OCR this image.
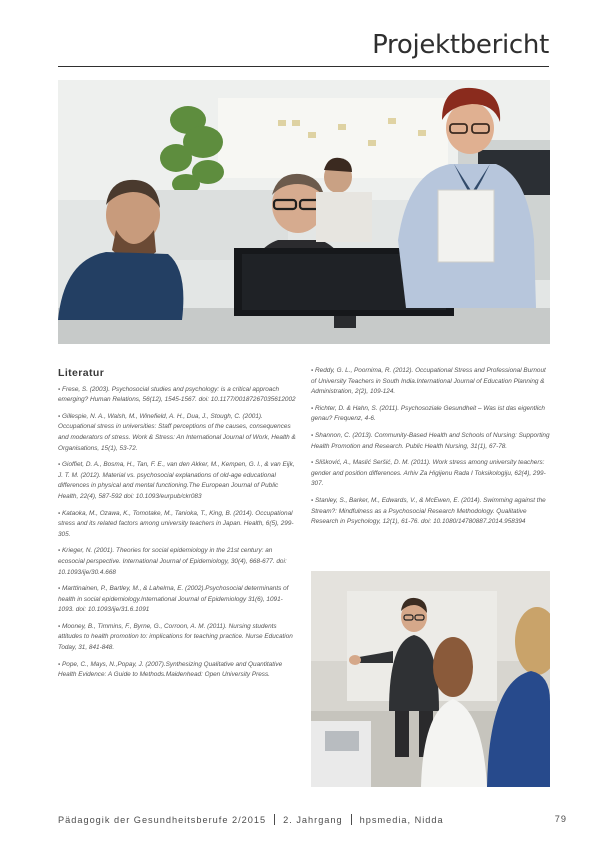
Projektbericht
Literatur

▪ Frese, S. (2003). Psychosocial studies and psychology: is a critical approach emerging? Human Relations, 56(12), 1545-1567. doi: 10.1177/00187267035612002

▪ Gillespie, N. A., Walsh, M., Winefield, A. H., Dua, J., Stough, C. (2001). Occupational stress in universities: Staff perceptions of the causes, consequences and moderators of stress. Work & Stress: An International Journal of Work, Health & Organisations, 15(1), 53-72.

▪ Gioffiet, D. A., Bosma, H., Tan, F. E., van den Akker, M., Kempen, G. I., & van Eijk, J. T. M. (2012). Material vs. psychosocial explanations of old-age educational differences in physical and mental functioning.The European Journal of Public Health, 22(4), 587-592 doi: 10.1093/eurpub/ckr083

▪ Kataoka, M., Ozawa, K., Tomotake, M., Tanioka, T., King, B. (2014). Occupational stress and its related factors among university teachers in Japan. Health, 6(5), 299-305.

▪ Krieger, N. (2001). Theories for social epidemiology in the 21st century: an ecosocial perspective. International Journal of Epidemiology, 30(4), 668-677. doi: 10.1093/ije/30.4.668

▪ Marttinainen, P., Bartley, M., & Lahelma, E. (2002).Psychosocial determinants of health in social epidemiology.International Journal of Epidemiology 31(6), 1091-1093. doi: 10.1093/ije/31.6.1091

▪ Mooney, B., Timmins, F., Byrne, G., Corroon, A. M. (2011). Nursing students attitudes to health promotion to: implications for teaching practice. Nurse Education Today, 31, 841-848.

▪ Pope, C., Mays, N.,Popay, J. (2007).Synthesizing Qualitative and Quantitative Health Evidence: A Guide to Methods.Maidenhead: Open University Press.

▪ Reddy, G. L., Poornima, R. (2012). Occupational Stress and Professional Burnout of University Teachers in South India.International Journal of Education Planning & Administration, 2(2), 109-124.

▪ Richter, D. & Hahn, S. (2011). Psychosoziale Gesundheit – Was ist das eigentlich genau? Frequenz, 4-6.

▪ Shannon, C. (2013). Community-Based Health and Schools of Nursing: Supporting Health Promotion and Research. Public Health Nursing, 31(1), 67-78.

▪ Slišković, A., Maslić Seršić, D. M. (2011). Work stress among university teachers: gender and position differences. Arhiv Za Higijenu Rada I Toksikologiju, 62(4), 299-307.

▪ Stanley, S., Barker, M., Edwards, V., & McEwen, E. (2014). Swimming against the Stream?: Mindfulness as a Psychosocial Research Methodology. Qualitative Research in Psychology, 12(1), 61-76. doi: 10.1080/14780887.2014.958394

Pädagogik der Gesundheitsberufe 2/2015 2. Jahrgang hpsmedia, Nidda	79
